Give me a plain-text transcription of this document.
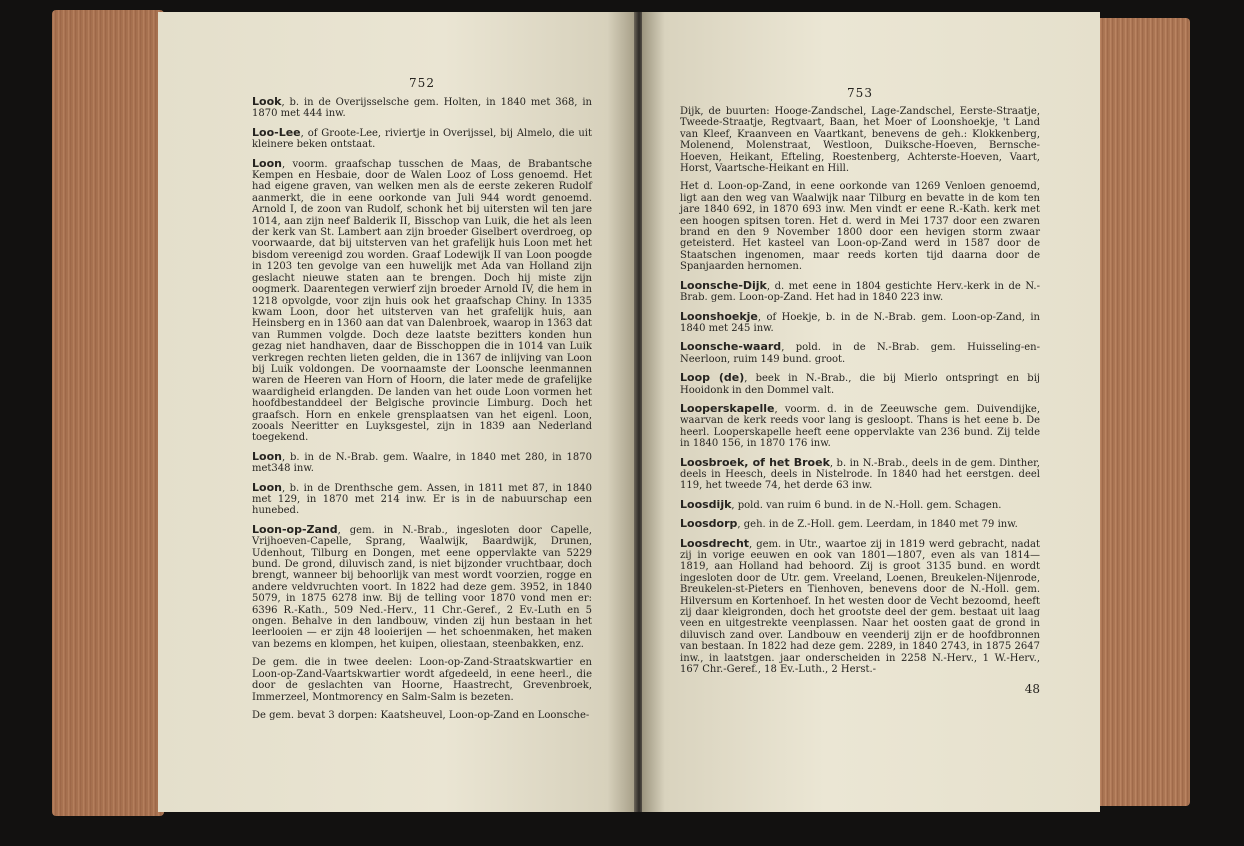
752

Look, b. in de Overijsselsche gem. Holten, in 1840 met 368, in 1870 met 444 inw.

Loo-Lee, of Groote-Lee, riviertje in Overijssel, bij Almelo, die uit kleinere beken ontstaat.

Loon, voorm. graafschap tusschen de Maas, de Brabantsche Kempen en Hesbaie, door de Walen Looz of Loss genoemd. Het had eigene graven, van welken men als de eerste zekeren Rudolf aanmerkt, die in eene oorkonde van Juli 944 wordt genoemd. Arnold I, de zoon van Rudolf, schonk het bij uitersten wil ten jare 1014, aan zijn neef Balderik II, Bisschop van Luik, die het als leen der kerk van St. Lambert aan zijn broeder Giselbert overdroeg, op voorwaarde, dat bij uitsterven van het grafelijk huis Loon met het bisdom vereenigd zou worden. Graaf Lodewijk II van Loon poogde in 1203 ten gevolge van een huwelijk met Ada van Holland zijn geslacht nieuwe staten aan te brengen. Doch hij miste zijn oogmerk. Daarentegen verwierf zijn broeder Arnold IV, die hem in 1218 opvolgde, voor zijn huis ook het graafschap Chiny. In 1335 kwam Loon, door het uitsterven van het grafelijk huis, aan Heinsberg en in 1360 aan dat van Dalenbroek, waarop in 1363 dat van Rummen volgde. Doch deze laatste bezitters konden hun gezag niet handhaven, daar de Bisschoppen die in 1014 van Luik verkregen rechten lieten gelden, die in 1367 de inlijving van Loon bij Luik voldongen. De voornaamste der Loonsche leenmannen waren de Heeren van Horn of Hoorn, die later mede de grafelijke waardigheid erlangden. De landen van het oude Loon vormen het hoofdbestanddeel der Belgische provincie Limburg. Doch het graafsch. Horn en enkele grensplaatsen van het eigenl. Loon, zooals Neeritter en Luyksgestel, zijn in 1839 aan Nederland toegekend.

Loon, b. in de N.-Brab. gem. Waalre, in 1840 met 280, in 1870 met348 inw.

Loon, b. in de Drenthsche gem. Assen, in 1811 met 87, in 1840 met 129, in 1870 met 214 inw. Er is in de nabuurschap een hunebed.

Loon-op-Zand, gem. in N.-Brab., ingesloten door Capelle, Vrijhoeven-Capelle, Sprang, Waalwijk, Baardwijk, Drunen, Udenhout, Tilburg en Dongen, met eene oppervlakte van 5229 bund. De grond, diluvisch zand, is niet bijzonder vruchtbaar, doch brengt, wanneer bij behoorlijk van mest wordt voorzien, rogge en andere veldvruchten voort. In 1822 had deze gem. 3952, in 1840 5079, in 1875 6278 inw. Bij de telling voor 1870 vond men er: 6396 R.-Kath., 509 Ned.-Herv., 11 Chr.-Geref., 2 Ev.-Luth en 5 ongen. Behalve in den landbouw, vinden zij hun bestaan in het leerlooien — er zijn 48 looierijen — het schoenmaken, het maken van bezems en klompen, het kuipen, oliestaan, steenbakken, enz.

De gem. die in twee deelen: Loon-op-Zand-Straatskwartier en Loon-op-Zand-Vaartskwartier wordt afgedeeld, in eene heerl., die door de geslachten van Hoorne, Haastrecht, Grevenbroek, Immerzeel, Montmorency en Salm-Salm is bezeten.

De gem. bevat 3 dorpen: Kaatsheuvel, Loon-op-Zand en Loonsche-

753

Dijk, de buurten: Hooge-Zandschel, Lage-Zandschel, Eerste-Straatje, Tweede-Straatje, Regtvaart, Baan, het Moer of Loonshoekje, 't Land van Kleef, Kraanveen en Vaartkant, benevens de geh.: Klokkenberg, Molenend, Molenstraat, Westloon, Duiksche-Hoeven, Bernsche-Hoeven, Heikant, Efteling, Roestenberg, Achterste-Hoeven, Vaart, Horst, Vaartsche-Heikant en Hill.

Het d. Loon-op-Zand, in eene oorkonde van 1269 Venloen genoemd, ligt aan den weg van Waalwijk naar Tilburg en bevatte in de kom ten jare 1840 692, in 1870 693 inw. Men vindt er eene R.-Kath. kerk met een hoogen spitsen toren. Het d. werd in Mei 1737 door een zwaren brand en den 9 November 1800 door een hevigen storm zwaar geteisterd. Het kasteel van Loon-op-Zand werd in 1587 door de Staatschen ingenomen, maar reeds korten tijd daarna door de Spanjaarden hernomen.

Loonsche-Dijk, d. met eene in 1804 gestichte Herv.-kerk in de N.-Brab. gem. Loon-op-Zand. Het had in 1840 223 inw.

Loonshoekje, of Hoekje, b. in de N.-Brab. gem. Loon-op-Zand, in 1840 met 245 inw.

Loonsche-waard, pold. in de N.-Brab. gem. Huisseling-en-Neerloon, ruim 149 bund. groot.

Loop (de), beek in N.-Brab., die bij Mierlo ontspringt en bij Hooidonk in den Dommel valt.

Looperskapelle, voorm. d. in de Zeeuwsche gem. Duivendijke, waarvan de kerk reeds voor lang is gesloopt. Thans is het eene b. De heerl. Looperskapelle heeft eene oppervlakte van 236 bund. Zij telde in 1840 156, in 1870 176 inw.

Loosbroek, of het Broek, b. in N.-Brab., deels in de gem. Dinther, deels in Heesch, deels in Nistelrode. In 1840 had het eerstgen. deel 119, het tweede 74, het derde 63 inw.

Loosdijk, pold. van ruim 6 bund. in de N.-Holl. gem. Schagen.

Loosdorp, geh. in de Z.-Holl. gem. Leerdam, in 1840 met 79 inw.

Loosdrecht, gem. in Utr., waartoe zij in 1819 werd gebracht, nadat zij in vorige eeuwen en ook van 1801—1807, even als van 1814—1819, aan Holland had behoord. Zij is groot 3135 bund. en wordt ingesloten door de Utr. gem. Vreeland, Loenen, Breukelen-Nijenrode, Breukelen-st-Pieters en Tienhoven, benevens door de N.-Holl. gem. Hilversum en Kortenhoef. In het westen door de Vecht bezoomd, heeft zij daar kleigronden, doch het grootste deel der gem. bestaat uit laag veen en uitgestrekte veenplassen. Naar het oosten gaat de grond in diluvisch zand over. Landbouw en veenderij zijn er de hoofdbronnen van bestaan. In 1822 had deze gem. 2289, in 1840 2743, in 1875 2647 inw., in laatstgen. jaar onderscheiden in 2258 N.-Herv., 1 W.-Herv., 167 Chr.-Geref., 18 Ev.-Luth., 2 Herst.-

48
